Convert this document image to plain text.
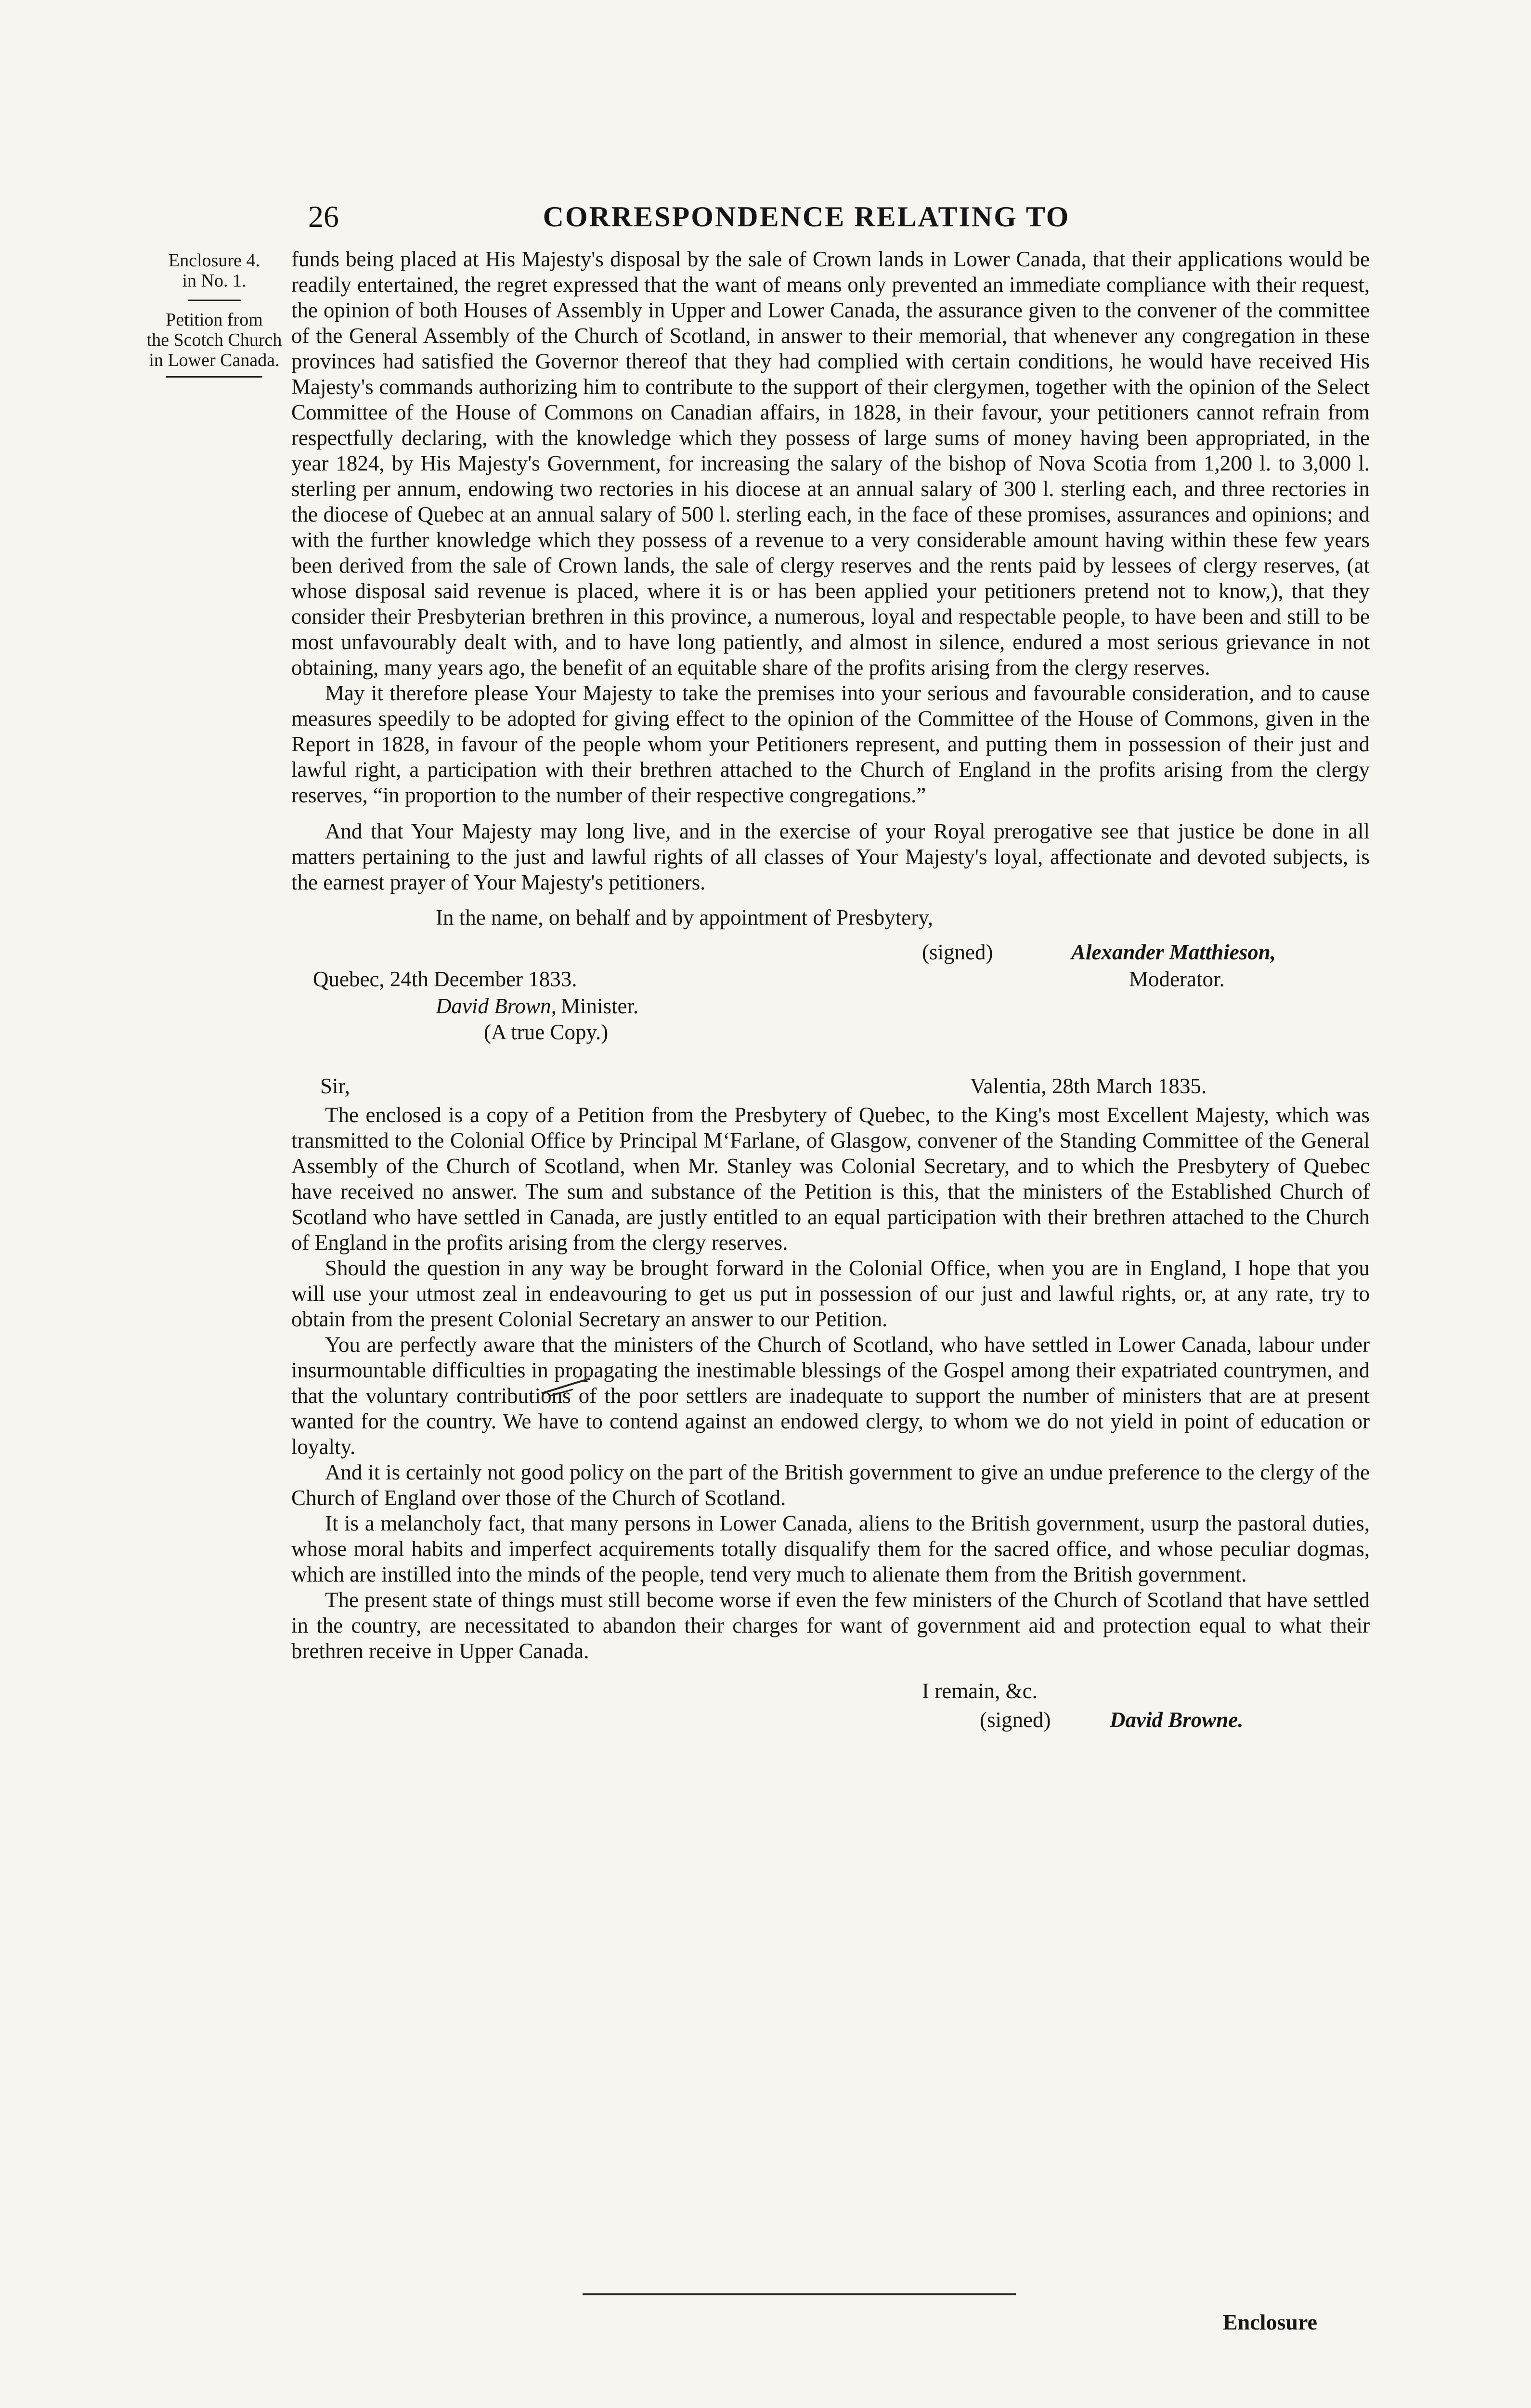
26	CORRESPONDENCE RELATING TO
Enclosure 4.
in No. 1.
Petition from
the Scotch Church
in Lower Canada.

funds being placed at His Majesty's disposal by the sale of Crown lands in Lower Canada, that their applications would be readily entertained, the regret expressed that the want of means only prevented an immediate compliance with their request, the opinion of both Houses of Assembly in Upper and Lower Canada, the assurance given to the convener of the committee of the General Assembly of the Church of Scotland, in answer to their memorial, that whenever any congregation in these provinces had satisfied the Governor thereof that they had complied with certain conditions, he would have received His Majesty's commands authorizing him to contribute to the support of their clergymen, together with the opinion of the Select Committee of the House of Commons on Canadian affairs, in 1828, in their favour, your petitioners cannot refrain from respectfully declaring, with the knowledge which they possess of large sums of money having been appropriated, in the year 1824, by His Majesty's Government, for increasing the salary of the bishop of Nova Scotia from 1,200 l. to 3,000 l. sterling per annum, endowing two rectories in his diocese at an annual salary of 300 l. sterling each, and three rectories in the diocese of Quebec at an annual salary of 500 l. sterling each, in the face of these promises, assurances and opinions; and with the further knowledge which they possess of a revenue to a very considerable amount having within these few years been derived from the sale of Crown lands, the sale of clergy reserves and the rents paid by lessees of clergy reserves, (at whose disposal said revenue is placed, where it is or has been applied your petitioners pretend not to know,), that they consider their Presbyterian brethren in this province, a numerous, loyal and respectable people, to have been and still to be most unfavourably dealt with, and to have long patiently, and almost in silence, endured a most serious grievance in not obtaining, many years ago, the benefit of an equitable share of the profits arising from the clergy reserves.

May it therefore please Your Majesty to take the premises into your serious and favourable consideration, and to cause measures speedily to be adopted for giving effect to the opinion of the Committee of the House of Commons, given in the Report in 1828, in favour of the people whom your Petitioners represent, and putting them in possession of their just and lawful right, a participation with their brethren attached to the Church of England in the profits arising from the clergy reserves, “in proportion to the number of their respective congregations.”

And that Your Majesty may long live, and in the exercise of your Royal prerogative see that justice be done in all matters pertaining to the just and lawful rights of all classes of Your Majesty's loyal, affectionate and devoted subjects, is the earnest prayer of Your Majesty's petitioners.

In the name, on behalf and by appointment of Presbytery,
(signed)	Alexander Matthieson,
Quebec, 24th December 1833.	Moderator.
David Brown, Minister.
(A true Copy.)
Sir,	Valentia, 28th March 1835.

The enclosed is a copy of a Petition from the Presbytery of Quebec, to the King's most Excellent Majesty, which was transmitted to the Colonial Office by Principal M‘Farlane, of Glasgow, convener of the Standing Committee of the General Assembly of the Church of Scotland, when Mr. Stanley was Colonial Secretary, and to which the Presbytery of Quebec have received no answer. The sum and substance of the Petition is this, that the ministers of the Established Church of Scotland who have settled in Canada, are justly entitled to an equal participation with their brethren attached to the Church of England in the profits arising from the clergy reserves.

Should the question in any way be brought forward in the Colonial Office, when you are in England, I hope that you will use your utmost zeal in endeavouring to get us put in possession of our just and lawful rights, or, at any rate, try to obtain from the present Colonial Secretary an answer to our Petition.

You are perfectly aware that the ministers of the Church of Scotland, who have settled in Lower Canada, labour under insurmountable difficulties in propagating the inestimable blessings of the Gospel among their expatriated countrymen, and that the voluntary contributions of the poor settlers are inadequate to support the number of ministers that are at present wanted for the country. We have to contend against an endowed clergy, to whom we do not yield in point of education or loyalty.

And it is certainly not good policy on the part of the British government to give an undue preference to the clergy of the Church of England over those of the Church of Scotland.

It is a melancholy fact, that many persons in Lower Canada, aliens to the British government, usurp the pastoral duties, whose moral habits and imperfect acquirements totally disqualify them for the sacred office, and whose peculiar dogmas, which are instilled into the minds of the people, tend very much to alienate them from the British government.

The present state of things must still become worse if even the few ministers of the Church of Scotland that have settled in the country, are necessitated to abandon their charges for want of government aid and protection equal to what their brethren receive in Upper Canada.

I remain, &c.
(signed)	David Browne.
Enclosure
